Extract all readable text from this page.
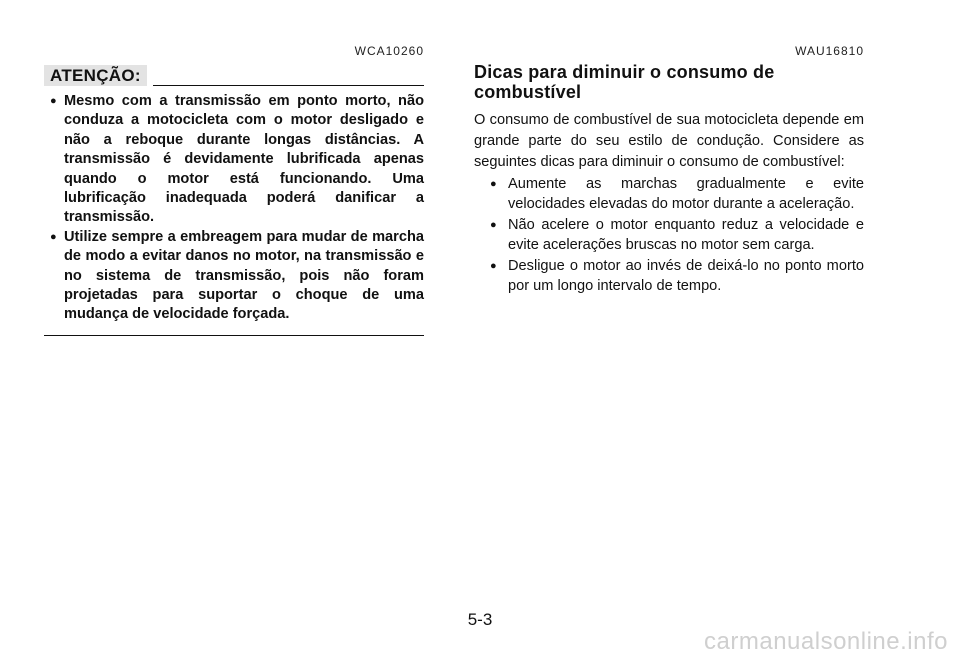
WCA10260
ATENÇÃO:
● Mesmo com a transmissão em ponto morto, não conduza a motocicleta com o motor desligado e não a reboque durante longas distâncias. A transmissão é devidamente lubrificada apenas quando o motor está funcionando. Uma lubrificação inadequada poderá danificar a transmissão.
● Utilize sempre a embreagem para mudar de marcha de modo a evitar danos no motor, na transmissão e no sistema de transmissão, pois não foram projetadas para suportar o choque de uma mudança de velocidade forçada.
WAU16810
Dicas para diminuir o consumo de combustível

O consumo de combustível de sua motocicleta depende em grande parte do seu estilo de condução. Considere as seguintes dicas para diminuir o consumo de combustível:

● Aumente as marchas gradualmente e evite velocidades elevadas do motor durante a aceleração.
● Não acelere o motor enquanto reduz a velocidade e evite acelerações bruscas no motor sem carga.
● Desligue o motor ao invés de deixá-lo no ponto morto por um longo intervalo de tempo.
5-3
carmanualsonline.info
